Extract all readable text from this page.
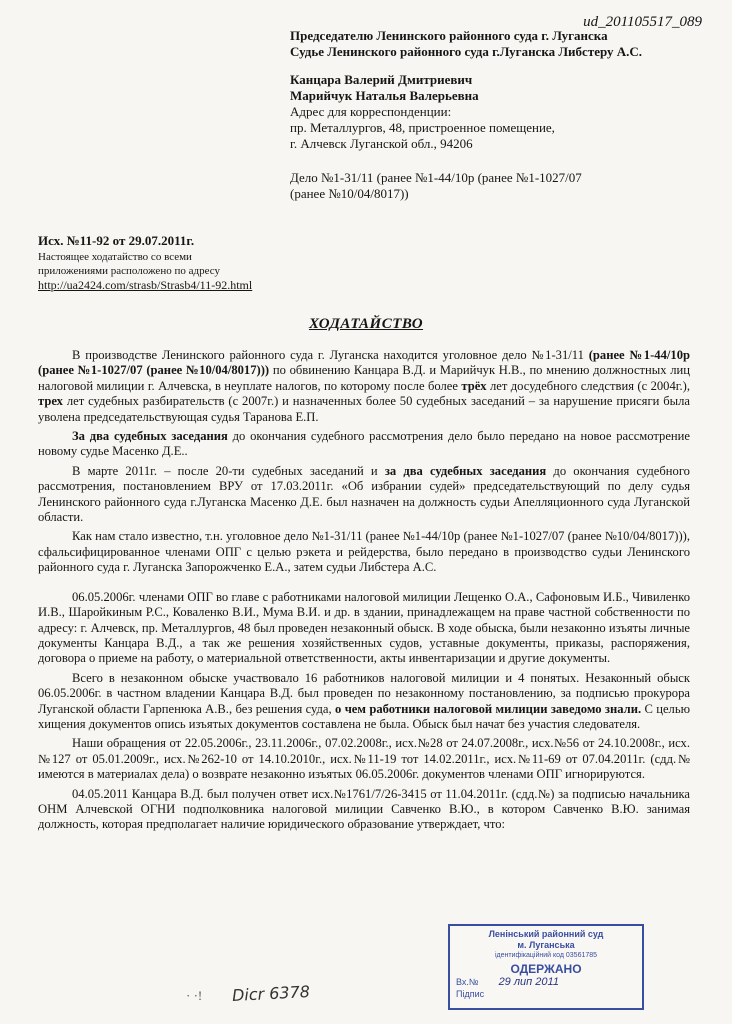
ud_201105517_089
Председателю Ленинского районного суда г. Луганска
Судье Ленинского районного суда г.Луганска Либстеру А.С.
Канцара Валерий Дмитриевич
Марийчук Наталья Валерьевна
Адрес для корреспонденции:
пр. Металлургов, 48, пристроенное помещение,
г. Алчевск Луганской обл., 94206
Дело №1-31/11 (ранее №1-44/10р (ранее №1-1027/07
(ранее №10/04/8017))
Исх. №11-92 от 29.07.2011г.
Настоящее ходатайство со всеми
приложениями расположено по адресу
http://ua2424.com/strasb/Strasb4/11-92.html
ХОДАТАЙСТВО

В производстве Ленинского районного суда г. Луганска находится уголовное дело №1-31/11 (ранее №1-44/10р (ранее №1-1027/07 (ранее №10/04/8017))) по обвинению Канцара В.Д. и Марийчук Н.В., по мнению должностных лиц налоговой милиции г. Алчевска, в неуплате налогов, по которому после более трёх лет досудебного следствия (с 2004г.), трех лет судебных разбирательств (с 2007г.) и назначенных более 50 судебных заседаний – за нарушение присяги была уволена председательствующая судья Таранова Е.П.

За два судебных заседания до окончания судебного рассмотрения дело было передано на новое рассмотрение новому судье Масенко Д.Е..

В марте 2011г. – после 20-ти судебных заседаний и за два судебных заседания до окончания судебного рассмотрения, постановлением ВРУ от 17.03.2011г. «Об избрании судей» председательствующий по делу судья Ленинского районного суда г.Луганска Масенко Д.Е. был назначен на должность судьи Апелляционного суда Луганской области.

Как нам стало известно, т.н. уголовное дело №1-31/11 (ранее №1-44/10р (ранее №1-1027/07 (ранее №10/04/8017))), сфальсифицированное членами ОПГ с целью рэкета и рейдерства, было передано в производство судьи Ленинского районного суда г. Луганска Запорожченко Е.А., затем судьи Либстера А.С.

06.05.2006г. членами ОПГ во главе с работниками налоговой милиции Лещенко О.А., Сафоновым И.Б., Чивиленко И.В., Шаройкиным Р.С., Коваленко В.И., Мума В.И. и др. в здании, принадлежащем на праве частной собственности по адресу: г. Алчевск, пр. Металлургов, 48 был проведен незаконный обыск. В ходе обыска, были незаконно изъяты личные документы Канцара В.Д., а так же решения хозяйственных судов, уставные документы, приказы, распоряжения, договора о приеме на работу, о материальной ответственности, акты инвентаризации и другие документы.

Всего в незаконном обыске участвовало 16 работников налоговой милиции и 4 понятых. Незаконный обыск 06.05.2006г. в частном владении Канцара В.Д. был проведен по незаконному постановлению, за подписью прокурора Луганской области Гарпенюка А.В., без решения суда, о чем работники налоговой милиции заведомо знали. С целью хищения документов опись изъятых документов составлена не была. Обыск был начат без участия следователя.

Наши обращения от 22.05.2006г., 23.11.2006г., 07.02.2008г., исх.№28 от 24.07.2008г., исх.№56 от 24.10.2008г., исх.№127 от 05.01.2009г., исх.№262-10 от 14.10.2010г., исх.№11-19 тот 14.02.2011г., исх.№11-69 от 07.04.2011г. (сдд.№ имеются в материалах дела) о возврате незаконно изъятых 06.05.2006г. документов членами ОПГ игнорируются.

04.05.2011 Канцара В.Д. был получен ответ исх.№1761/7/26-3415 от 11.04.2011г. (сдд.№) за подписью начальника ОНМ Алчевской ОГНИ подполковника налоговой милиции Савченко В.Ю., в котором Савченко В.Ю. занимая должность, которая предполагает наличие юридического образование утверждает, что:

Ленінський районний суд
м. Луганська
ідентифікаційний код 03561785
ОДЕРЖАНО
Вх.№ 29 лип 2011
Підпис
· ·! Dicr 6378
